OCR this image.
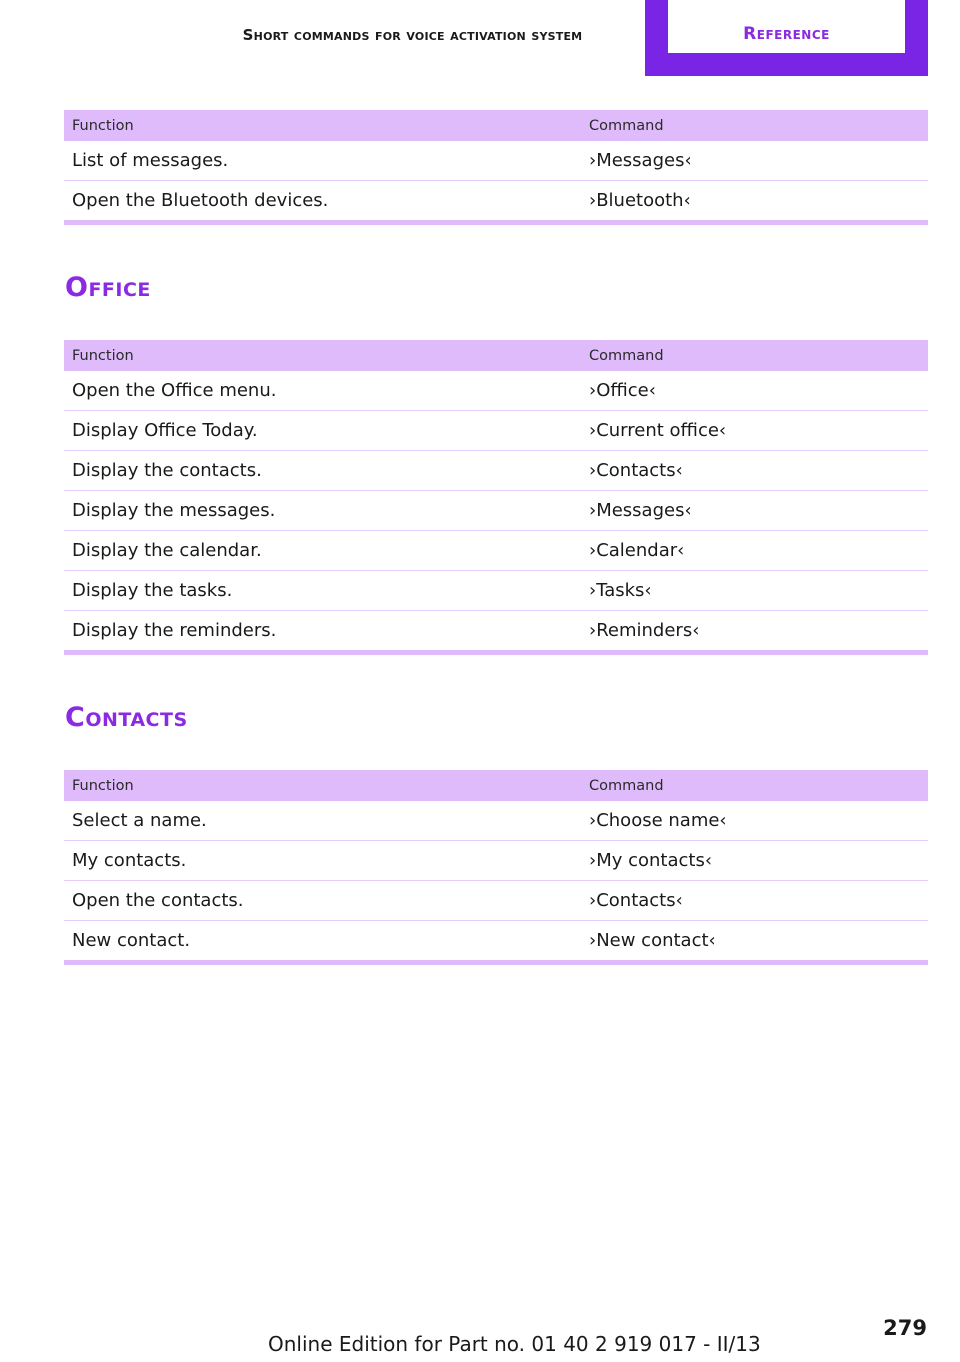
Short commands for voice activation system	Reference
Function	Command
List of messages.	›Messages‹
Open the Bluetooth devices.	›Bluetooth‹
Office
Function	Command
Open the Office menu.	›Office‹
Display Office Today.	›Current office‹
Display the contacts.	›Contacts‹
Display the messages.	›Messages‹
Display the calendar.	›Calendar‹
Display the tasks.	›Tasks‹
Display the reminders.	›Reminders‹
Contacts
Function	Command
Select a name.	›Choose name‹
My contacts.	›My contacts‹
Open the contacts.	›Contacts‹
New contact.	›New contact‹
279
Online Edition for Part no. 01 40 2 919 017 - II/13
